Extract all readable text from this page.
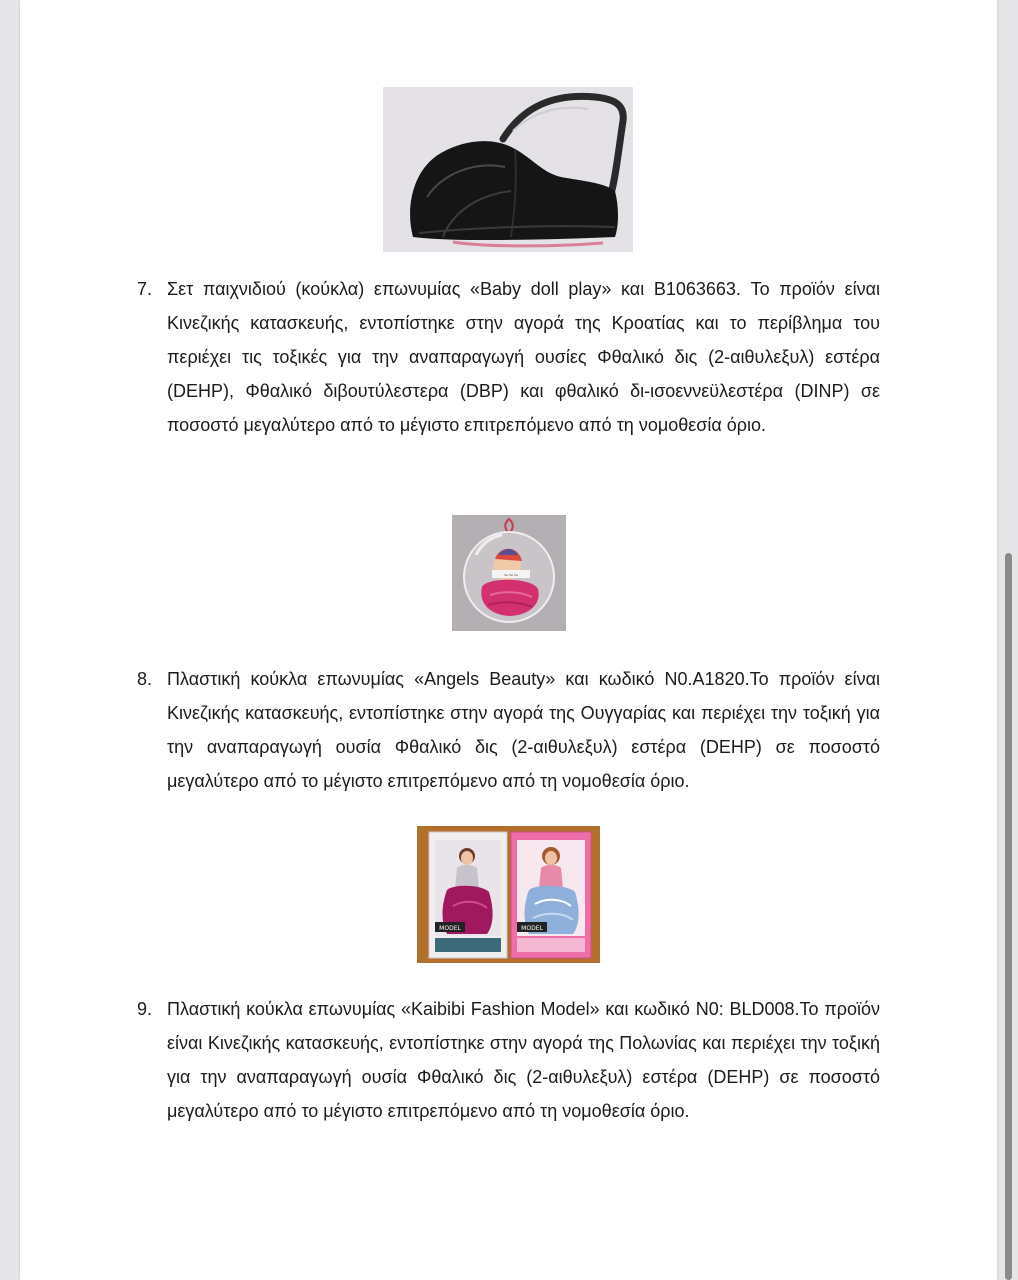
7. Σετ παιχνιδιού (κούκλα) επωνυμίας «Baby doll play» και B1063663. Το προϊόν είναι Κινεζικής κατασκευής, εντοπίστηκε στην αγορά της Κροατίας και το περίβλημα του περιέχει τις τοξικές για την αναπαραγωγή ουσίες Φθαλικό δις (2-αιθυλεξυλ) εστέρα (DEHP), Φθαλικό διβουτύλεστερα (DBP) και φθαλικό δι-ισοεννεϋλεστέρα (DINP) σε ποσοστό μεγαλύτερο από το μέγιστο επιτρεπόμενο από τη νομοθεσία όριο.
~~~
8. Πλαστική κούκλα επωνυμίας «Angels Beauty» και κωδικό N0.A1820.Το προϊόν είναι Κινεζικής κατασκευής, εντοπίστηκε στην αγορά της Ουγγαρίας και περιέχει την τοξική για την αναπαραγωγή ουσία Φθαλικό δις (2-αιθυλεξυλ) εστέρα (DEHP) σε ποσοστό μεγαλύτερο από το μέγιστο επιτρεπόμενο από τη νομοθεσία όριο.
MODEL	MODEL
9. Πλαστική κούκλα επωνυμίας «Kaibibi Fashion Model» και κωδικό N0: BLD008.Το προϊόν είναι Κινεζικής κατασκευής, εντοπίστηκε στην αγορά της Πολωνίας και περιέχει την τοξική για την αναπαραγωγή ουσία Φθαλικό δις (2-αιθυλεξυλ) εστέρα (DEHP) σε ποσοστό μεγαλύτερο από το μέγιστο επιτρεπόμενο από τη νομοθεσία όριο.
